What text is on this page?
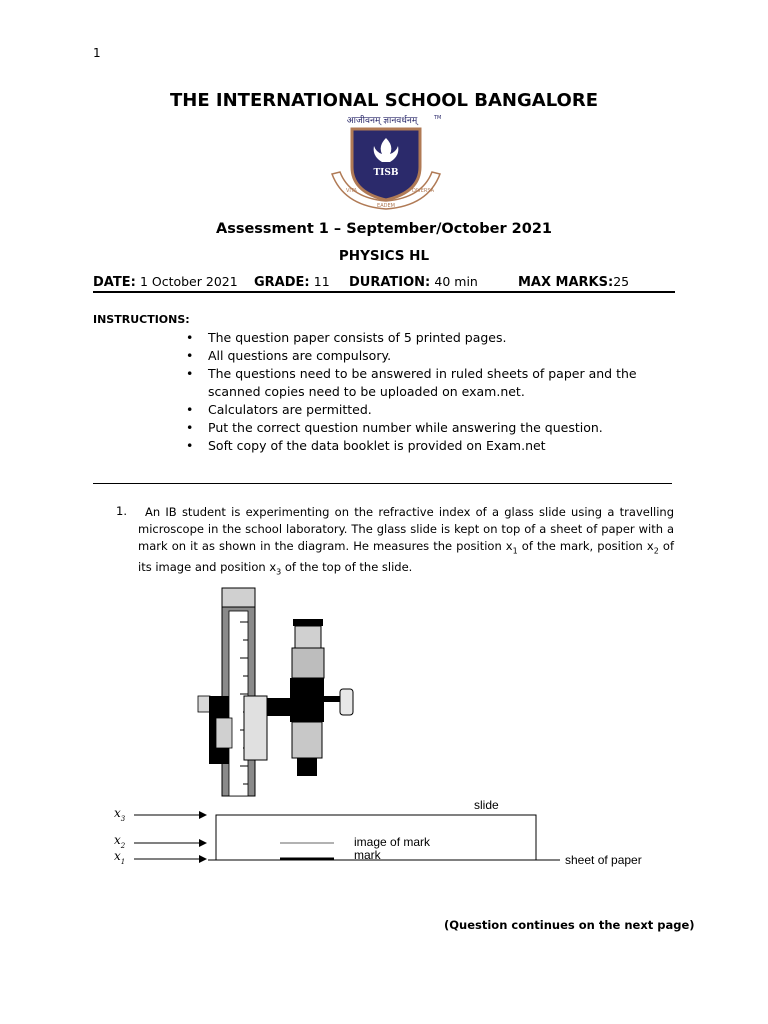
1
THE INTERNATIONAL SCHOOL BANGALORE
आजीवनम् ज्ञानवर्धनम्	TM
TISB
VITA
EADEM
DIVERSA
Assessment 1 – September/October 2021
PHYSICS HL
DATE: 1 October 2021 GRADE: 11 DURATION: 40 min	MAX MARKS:25
INSTRUCTIONS:
• The question paper consists of 5 printed pages.
• All questions are compulsory.
• The questions need to be answered in ruled sheets of paper and the scanned copies need to be uploaded on exam.net.
• Calculators are permitted.
• Put the correct question number while answering the question.
• Soft copy of the data booklet is provided on Exam.net
1.	An IB student is experimenting on the refractive index of a glass slide using a travelling microscope in the school laboratory. The glass slide is kept on top of a sheet of paper with a mark on it as shown in the diagram. He measures the position $x_1$ of the mark, position $x_2$ of its image and position $x_3$ of the top of the slide.
$x_3$
$x_2$
$x_1$
slide
image of mark
mark	sheet of paper
(Question continues on the next page)
